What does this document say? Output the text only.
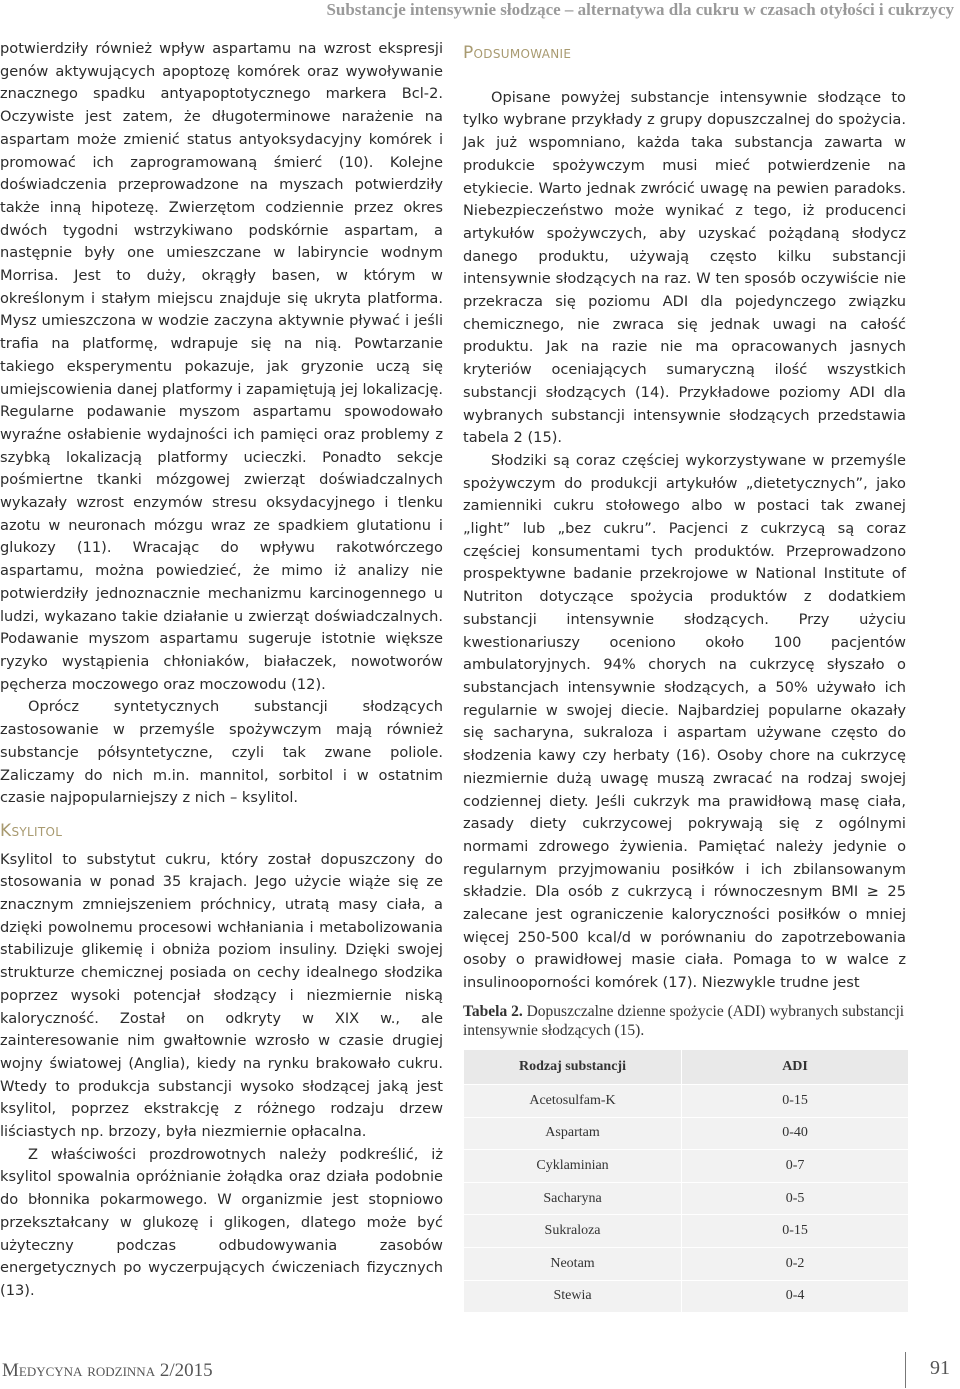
Substancje intensywnie słodzące – alternatywa dla cukru w czasach otyłości i cukrzycy

potwierdziły również wpływ aspartamu na wzrost ekspresji genów aktywujących apoptozę komórek oraz wywoływanie znacznego spadku antyapoptotycznego markera Bcl-2. Oczywiste jest zatem, że długoterminowe narażenie na aspartam może zmienić status antyoksydacyjny komórek i promować ich zaprogramowaną śmierć (10). Kolejne doświadczenia przeprowadzone na myszach potwierdziły także inną hipotezę. Zwierzętom codziennie przez okres dwóch tygodni wstrzykiwano podskórnie aspartam, a następnie były one umieszczane w labiryncie wodnym Morrisa. Jest to duży, okrągły basen, w którym w określonym i stałym miejscu znajduje się ukryta platforma. Mysz umieszczona w wodzie zaczyna aktywnie pływać i jeśli trafia na platformę, wdrapuje się na nią. Powtarzanie takiego eksperymentu pokazuje, jak gryzonie uczą się umiejscowienia danej platformy i zapamiętują jej lokalizację. Regularne podawanie myszom aspartamu spowodowało wyraźne osłabienie wydajności ich pamięci oraz problemy z szybką lokalizacją platformy ucieczki. Ponadto sekcje pośmiertne tkanki mózgowej zwierząt doświadczalnych wykazały wzrost enzymów stresu oksydacyjnego i tlenku azotu w neuronach mózgu wraz ze spadkiem glutationu i glukozy (11). Wracając do wpływu rakotwórczego aspartamu, można powiedzieć, że mimo iż analizy nie potwierdziły jednoznacznie mechanizmu karcinogennego u ludzi, wykazano takie działanie u zwierząt doświadczalnych. Podawanie myszom aspartamu sugeruje istotnie większe ryzyko wystąpienia chłoniaków, białaczek, nowotworów pęcherza moczowego oraz moczowodu (12).

Oprócz syntetycznych substancji słodzących zastosowanie w przemyśle spożywczym mają również substancje półsyntetyczne, czyli tak zwane poliole. Zaliczamy do nich m.in. mannitol, sorbitol i w ostatnim czasie najpopularniejszy z nich – ksylitol.

Ksylitol

Ksylitol to substytut cukru, który został dopuszczony do stosowania w ponad 35 krajach. Jego użycie wiąże się ze znacznym zmniejszeniem próchnicy, utratą masy ciała, a dzięki powolnemu procesowi wchłaniania i metabolizowania stabilizuje glikemię i obniża poziom insuliny. Dzięki swojej strukturze chemicznej posiada on cechy idealnego słodzika poprzez wysoki potencjał słodzący i niezmiernie niską kaloryczność. Został on odkryty w XIX w., ale zainteresowanie nim gwałtownie wzrosło w czasie drugiej wojny światowej (Anglia), kiedy na rynku brakowało cukru. Wtedy to produkcja substancji wysoko słodzącej jaką jest ksylitol, poprzez ekstrakcję z różnego rodzaju drzew liściastych np. brzozy, była niezmiernie opłacalna.

Z właściwości prozdrowotnych należy podkreślić, iż ksylitol spowalnia opróżnianie żołądka oraz działa podobnie do błonnika pokarmowego. W organizmie jest stopniowo przekształcany w glukozę i glikogen, dlatego może być użyteczny podczas odbudowywania zasobów energetycznych po wyczerpujących ćwiczeniach fizycznych (13).

Podsumowanie

Opisane powyżej substancje intensywnie słodzące to tylko wybrane przykłady z grupy dopuszczalnej do spożycia. Jak już wspomniano, każda taka substancja zawarta w produkcie spożywczym musi mieć potwierdzenie na etykiecie. Warto jednak zwrócić uwagę na pewien paradoks. Niebezpieczeństwo może wynikać z tego, iż producenci artykułów spożywczych, aby uzyskać pożądaną słodycz danego produktu, używają często kilku substancji intensywnie słodzących na raz. W ten sposób oczywiście nie przekracza się poziomu ADI dla pojedynczego związku chemicznego, nie zwraca się jednak uwagi na całość produktu. Jak na razie nie ma opracowanych jasnych kryteriów oceniających sumaryczną ilość wszystkich substancji słodzących (14). Przykładowe poziomy ADI dla wybranych substancji intensywnie słodzących przedstawia tabela 2 (15).

Słodziki są coraz częściej wykorzystywane w przemyśle spożywczym do produkcji artykułów „dietetycznych”, jako zamienniki cukru stołowego albo w postaci tak zwanej „light” lub „bez cukru”. Pacjenci z cukrzycą są coraz częściej konsumentami tych produktów. Przeprowadzono prospektywne badanie przekrojowe w National Institute of Nutriton dotyczące spożycia produktów z dodatkiem substancji intensywnie słodzących. Przy użyciu kwestionariuszy oceniono około 100 pacjentów ambulatoryjnych. 94% chorych na cukrzycę słyszało o substancjach intensywnie słodzących, a 50% używało ich regularnie w swojej diecie. Najbardziej popularne okazały się sacharyna, sukraloza i aspartam używane często do słodzenia kawy czy herbaty (16). Osoby chore na cukrzycę niezmiernie dużą uwagę muszą zwracać na rodzaj swojej codziennej diety. Jeśli cukrzyk ma prawidłową masę ciała, zasady diety cukrzycowej pokrywają się z ogólnymi normami zdrowego żywienia. Pamiętać należy jedynie o regularnym przyjmowaniu posiłków i ich zbilansowanym składzie. Dla osób z cukrzycą i równoczesnym BMI ≥ 25 zalecane jest ograniczenie kaloryczności posiłków o mniej więcej 250-500 kcal/d w porównaniu do zapotrzebowania osoby o prawidłowej masie ciała. Pomaga to w walce z insulinooporności komórek (17). Niezwykle trudne jest

Tabela 2. Dopuszczalne dzienne spożycie (ADI) wybranych substancji intensywnie słodzących (15).
Rodzaj substancji	ADI
Acetosulfam-K	0-15
Aspartam	0-40
Cyklaminian	0-7
Sacharyna	0-5
Sukraloza	0-15
Neotam	0-2
Stewia	0-4
Medycyna rodzinna 2/2015	91
